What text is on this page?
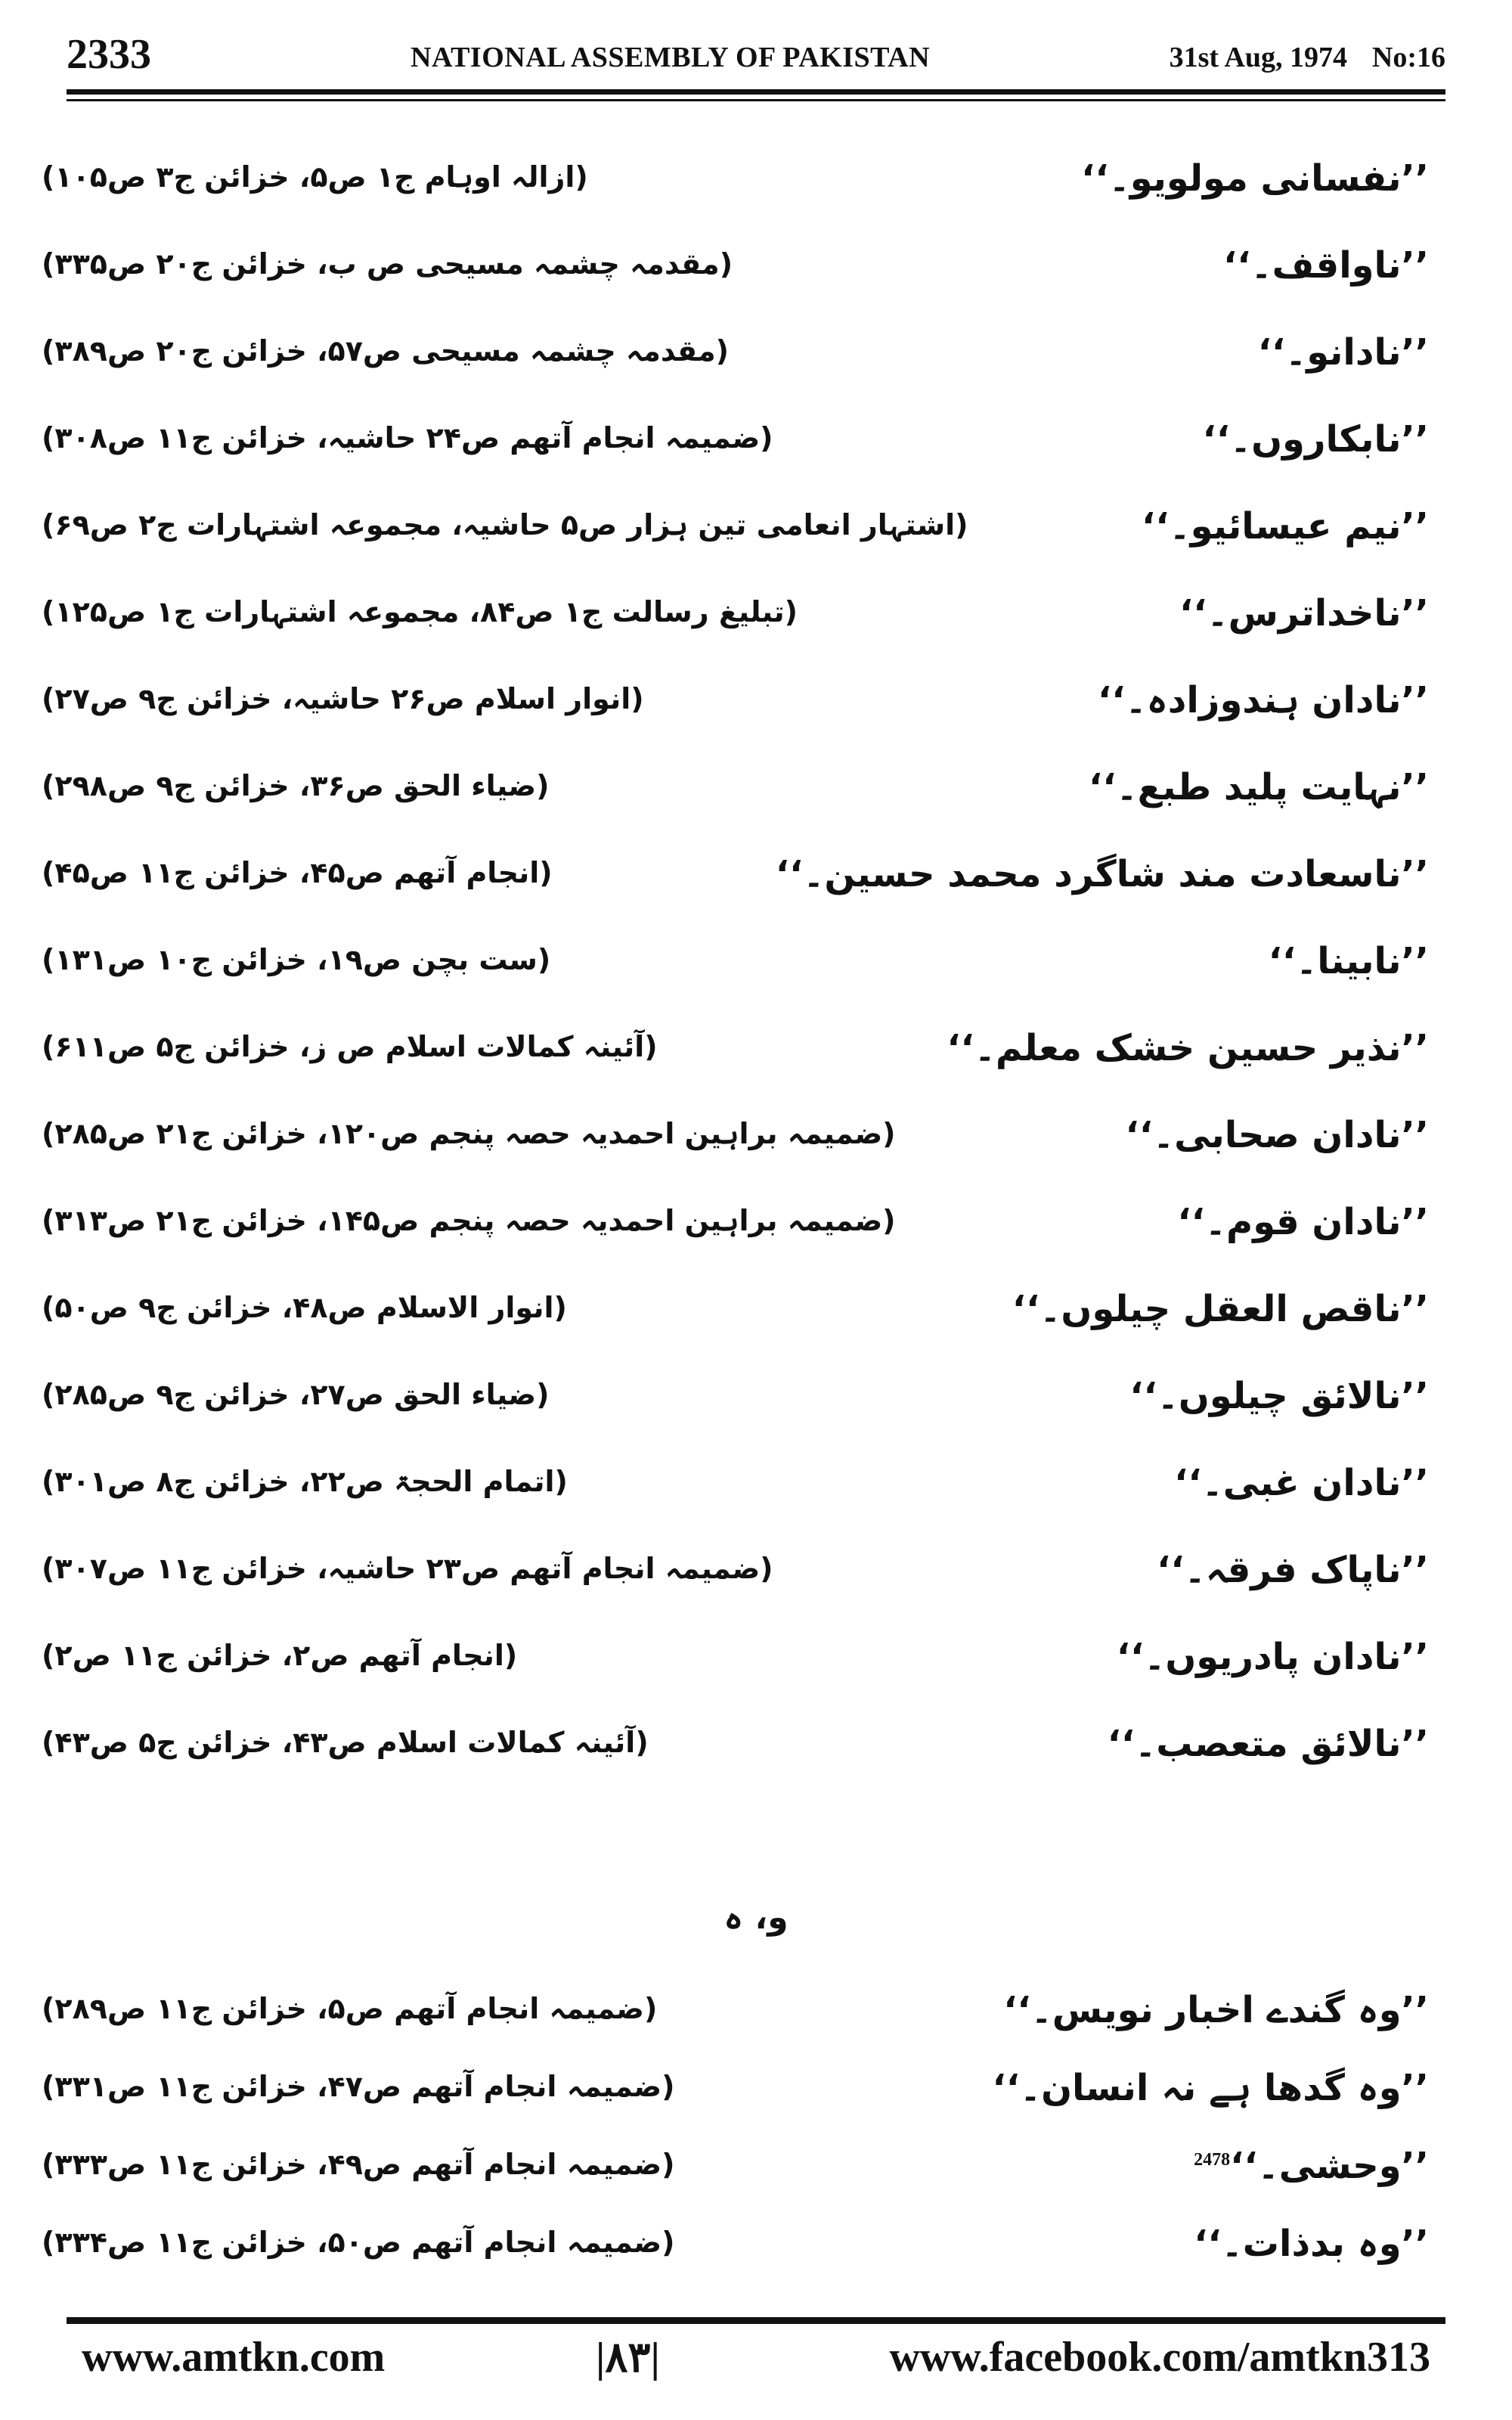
2333	NATIONAL ASSEMBLY OF PAKISTAN	31st Aug, 1974 No:16
’’نفسانی مولویو۔‘‘
(ازالہ اوہام ج۱ ص۵، خزائن ج۳ ص۱۰۵)
’’ناواقف۔‘‘
(مقدمہ چشمہ مسیحی ص ب، خزائن ج۲۰ ص۳۳۵)
’’نادانو۔‘‘
(مقدمہ چشمہ مسیحی ص۵۷، خزائن ج۲۰ ص۳۸۹)
’’نابکاروں۔‘‘
(ضمیمہ انجام آتھم ص۲۴ حاشیہ، خزائن ج۱۱ ص۳۰۸)
’’نیم عیسائیو۔‘‘
(اشتہار انعامی تین ہزار ص۵ حاشیہ، مجموعہ اشتہارات ج۲ ص۶۹)
’’ناخداترس۔‘‘
(تبلیغ رسالت ج۱ ص۸۴، مجموعہ اشتہارات ج۱ ص۱۲۵)
’’نادان ہندوزادہ۔‘‘
(انوار اسلام ص۲۶ حاشیہ، خزائن ج۹ ص۲۷)
’’نہایت پلید طبع۔‘‘
(ضیاء الحق ص۳۶، خزائن ج۹ ص۲۹۸)
’’ناسعادت مند شاگرد محمد حسین۔‘‘
(انجام آتھم ص۴۵، خزائن ج۱۱ ص۴۵)
’’نابینا۔‘‘
(ست بچن ص۱۹، خزائن ج۱۰ ص۱۳۱)
’’نذیر حسین خشک معلم۔‘‘
(آئینہ کمالات اسلام ص ز، خزائن ج۵ ص۶۱۱)
’’نادان صحابی۔‘‘
(ضمیمہ براہین احمدیہ حصہ پنجم ص۱۲۰، خزائن ج۲۱ ص۲۸۵)
’’نادان قوم۔‘‘
(ضمیمہ براہین احمدیہ حصہ پنجم ص۱۴۵، خزائن ج۲۱ ص۳۱۳)
’’ناقص العقل چیلوں۔‘‘
(انوار الاسلام ص۴۸، خزائن ج۹ ص۵۰)
’’نالائق چیلوں۔‘‘
(ضیاء الحق ص۲۷، خزائن ج۹ ص۲۸۵)
’’نادان غبی۔‘‘
(اتمام الحجۃ ص۲۲، خزائن ج۸ ص۳۰۱)
’’ناپاک فرقہ۔‘‘
(ضمیمہ انجام آتھم ص۲۳ حاشیہ، خزائن ج۱۱ ص۳۰۷)
’’نادان پادریوں۔‘‘
(انجام آتھم ص۲، خزائن ج۱۱ ص۲)
’’نالائق متعصب۔‘‘
(آئینہ کمالات اسلام ص۴۳، خزائن ج۵ ص۴۳)
و، ہ
’’وہ گندے اخبار نویس۔‘‘
(ضمیمہ انجام آتھم ص۵، خزائن ج۱۱ ص۲۸۹)
’’وہ گدھا ہے نہ انسان۔‘‘
(ضمیمہ انجام آتھم ص۴۷، خزائن ج۱۱ ص۳۳۱)
’’وحشی۔‘‘$^{2478}$
(ضمیمہ انجام آتھم ص۴۹، خزائن ج۱۱ ص۳۳۳)
’’وہ بدذات۔‘‘
(ضمیمہ انجام آتھم ص۵۰، خزائن ج۱۱ ص۳۳۴)
www.amtkn.com	|۸۳|	www.facebook.com/amtkn313
